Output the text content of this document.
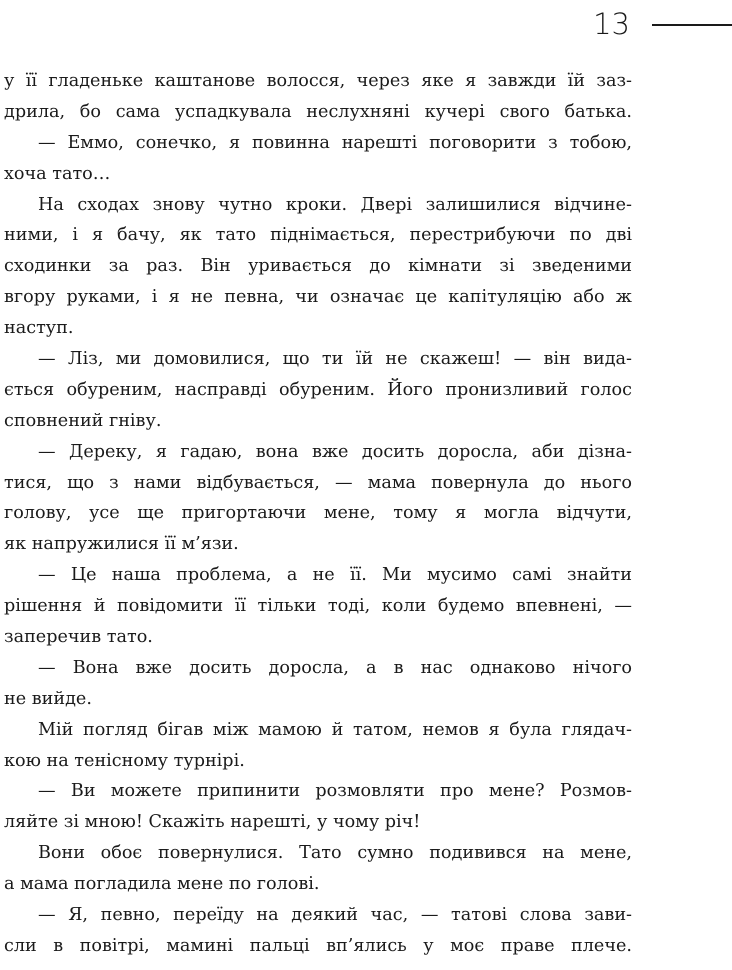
13
у її гладеньке каштанове волосся, через яке я завжди їй зaз-
дрила, бо сама успадкувала неслухняні кучері свого батька.
— Еммо, сонечко, я повинна нарешті поговорити з тобою,
хоча тато…
На сходах знову чутно кроки. Двері залишилися відчине-
ними, і я бачу, як тато піднімається, перестрибуючи по дві
сходинки за раз. Він уривається до кімнати зі зведеними
вгору руками, і я не певна, чи означає це капітуляцію або ж
наступ.
— Ліз, ми домовилися, що ти їй не скажеш! — він вида-
ється обуреним, насправді обуреним. Його пронизливий голос
сповнений гніву.
— Дереку, я гадаю, вона вже досить доросла, аби дізна-
тися, що з нами відбувається, — мама повернула до нього
голову, усе ще пригортаючи мене, тому я могла відчути,
як напружилися її м’язи.
— Це наша проблема, а не її. Ми мусимо самі знайти
рішення й повідомити її тільки тоді, коли будемо впевнені, —
заперечив тато.
— Вона вже досить доросла, а в нас однаково нічого
не вийде.
Мій погляд бігав між мамою й татом, немов я була глядач-
кою на тенісному турнірі.
— Ви можете припинити розмовляти про мене? Розмов-
ляйте зі мною! Скажіть нарешті, у чому річ!
Вони обоє повернулися. Тато сумно подивився на мене,
а мама погладила мене по голові.
— Я, певно, переїду на деякий час, — татові слова зави-
сли в повітрі, мамині пальці вп’ялись у моє праве плече.
